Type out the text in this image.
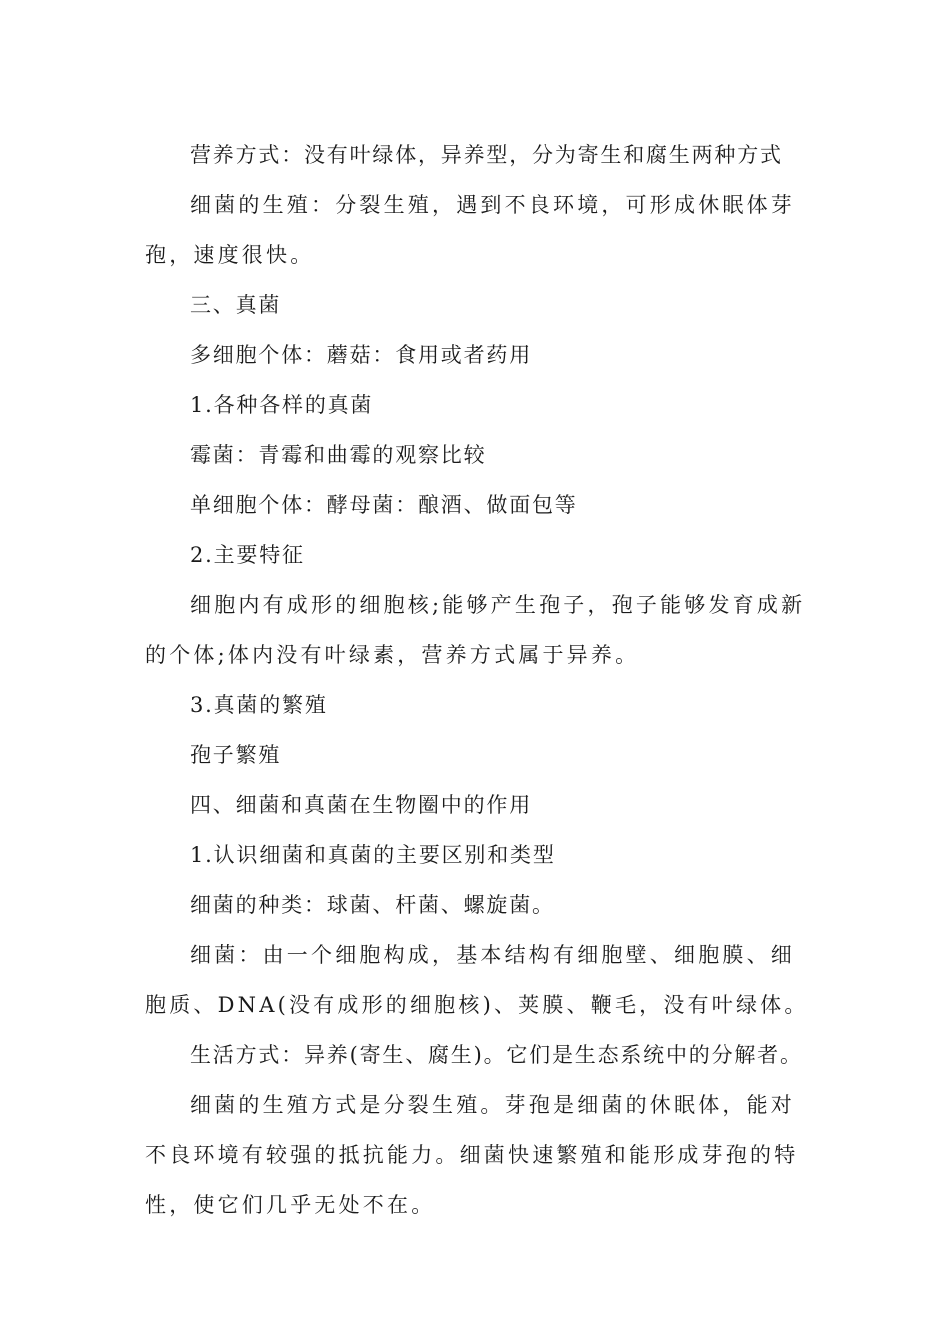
营养方式：没有叶绿体，异养型，分为寄生和腐生两种方式

细菌的生殖：分裂生殖，遇到不良环境，可形成休眠体芽孢，速度很快。

三、真菌

多细胞个体：蘑菇：食用或者药用

1.各种各样的真菌

霉菌：青霉和曲霉的观察比较

单细胞个体：酵母菌：酿酒、做面包等

2.主要特征

细胞内有成形的细胞核;能够产生孢子，孢子能够发育成新的个体;体内没有叶绿素，营养方式属于异养。

3.真菌的繁殖

孢子繁殖

四、细菌和真菌在生物圈中的作用

1.认识细菌和真菌的主要区别和类型

细菌的种类：球菌、杆菌、螺旋菌。

细菌：由一个细胞构成，基本结构有细胞壁、细胞膜、细胞质、DNA(没有成形的细胞核)、荚膜、鞭毛，没有叶绿体。

生活方式：异养(寄生、腐生)。它们是生态系统中的分解者。

细菌的生殖方式是分裂生殖。芽孢是细菌的休眠体，能对不良环境有较强的抵抗能力。细菌快速繁殖和能形成芽孢的特性，使它们几乎无处不在。
